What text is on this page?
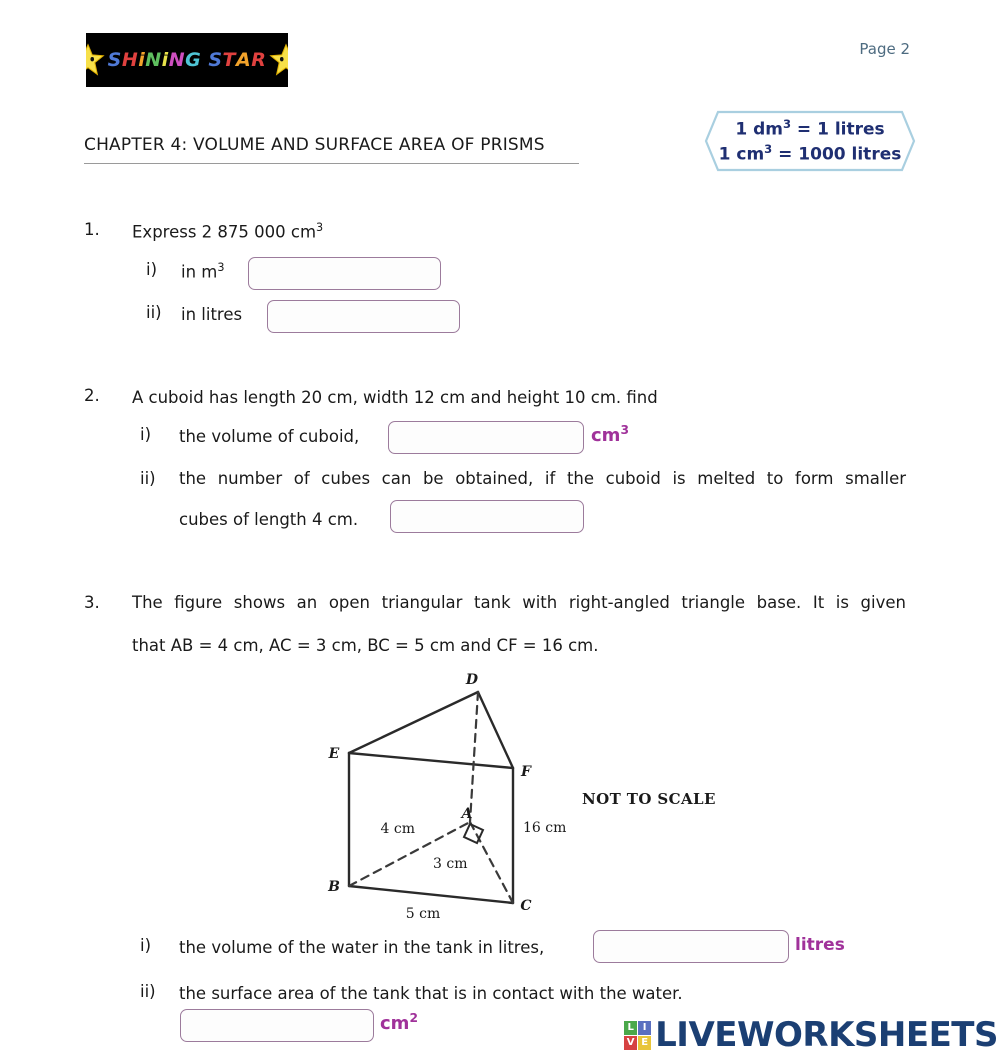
SHiNiNG STAR	Page 2
CHAPTER 4: VOLUME AND SURFACE AREA OF PRISMS
1 $dm^3 = 1$ litres
1 $cm^3 = 1000$ litres
1. Express 2 875 000 $cm^3$
i) in $m^3$
ii) in litres
2. A cuboid has length 20 cm, width 12 cm and height 10 cm. find
i) the volume of cuboid,	$cm^3$
ii) the number of cubes can be obtained, if the cuboid is melted to form smaller
cubes of length 4 cm.
3. The figure shows an open triangular tank with right-angled triangle base. It is given
that AB = 4 cm, AC = 3 cm, BC = 5 cm and CF = 16 cm.
D
E
F
A
B
C
4 cm
3 cm
5 cm
16 cm
NOT TO SCALE
i) the volume of the water in the tank in litres,	litres
ii) the surface area of the tank that is in contact with the water.
$cm^2$
L I
V E LIVEWORKSHEETS
